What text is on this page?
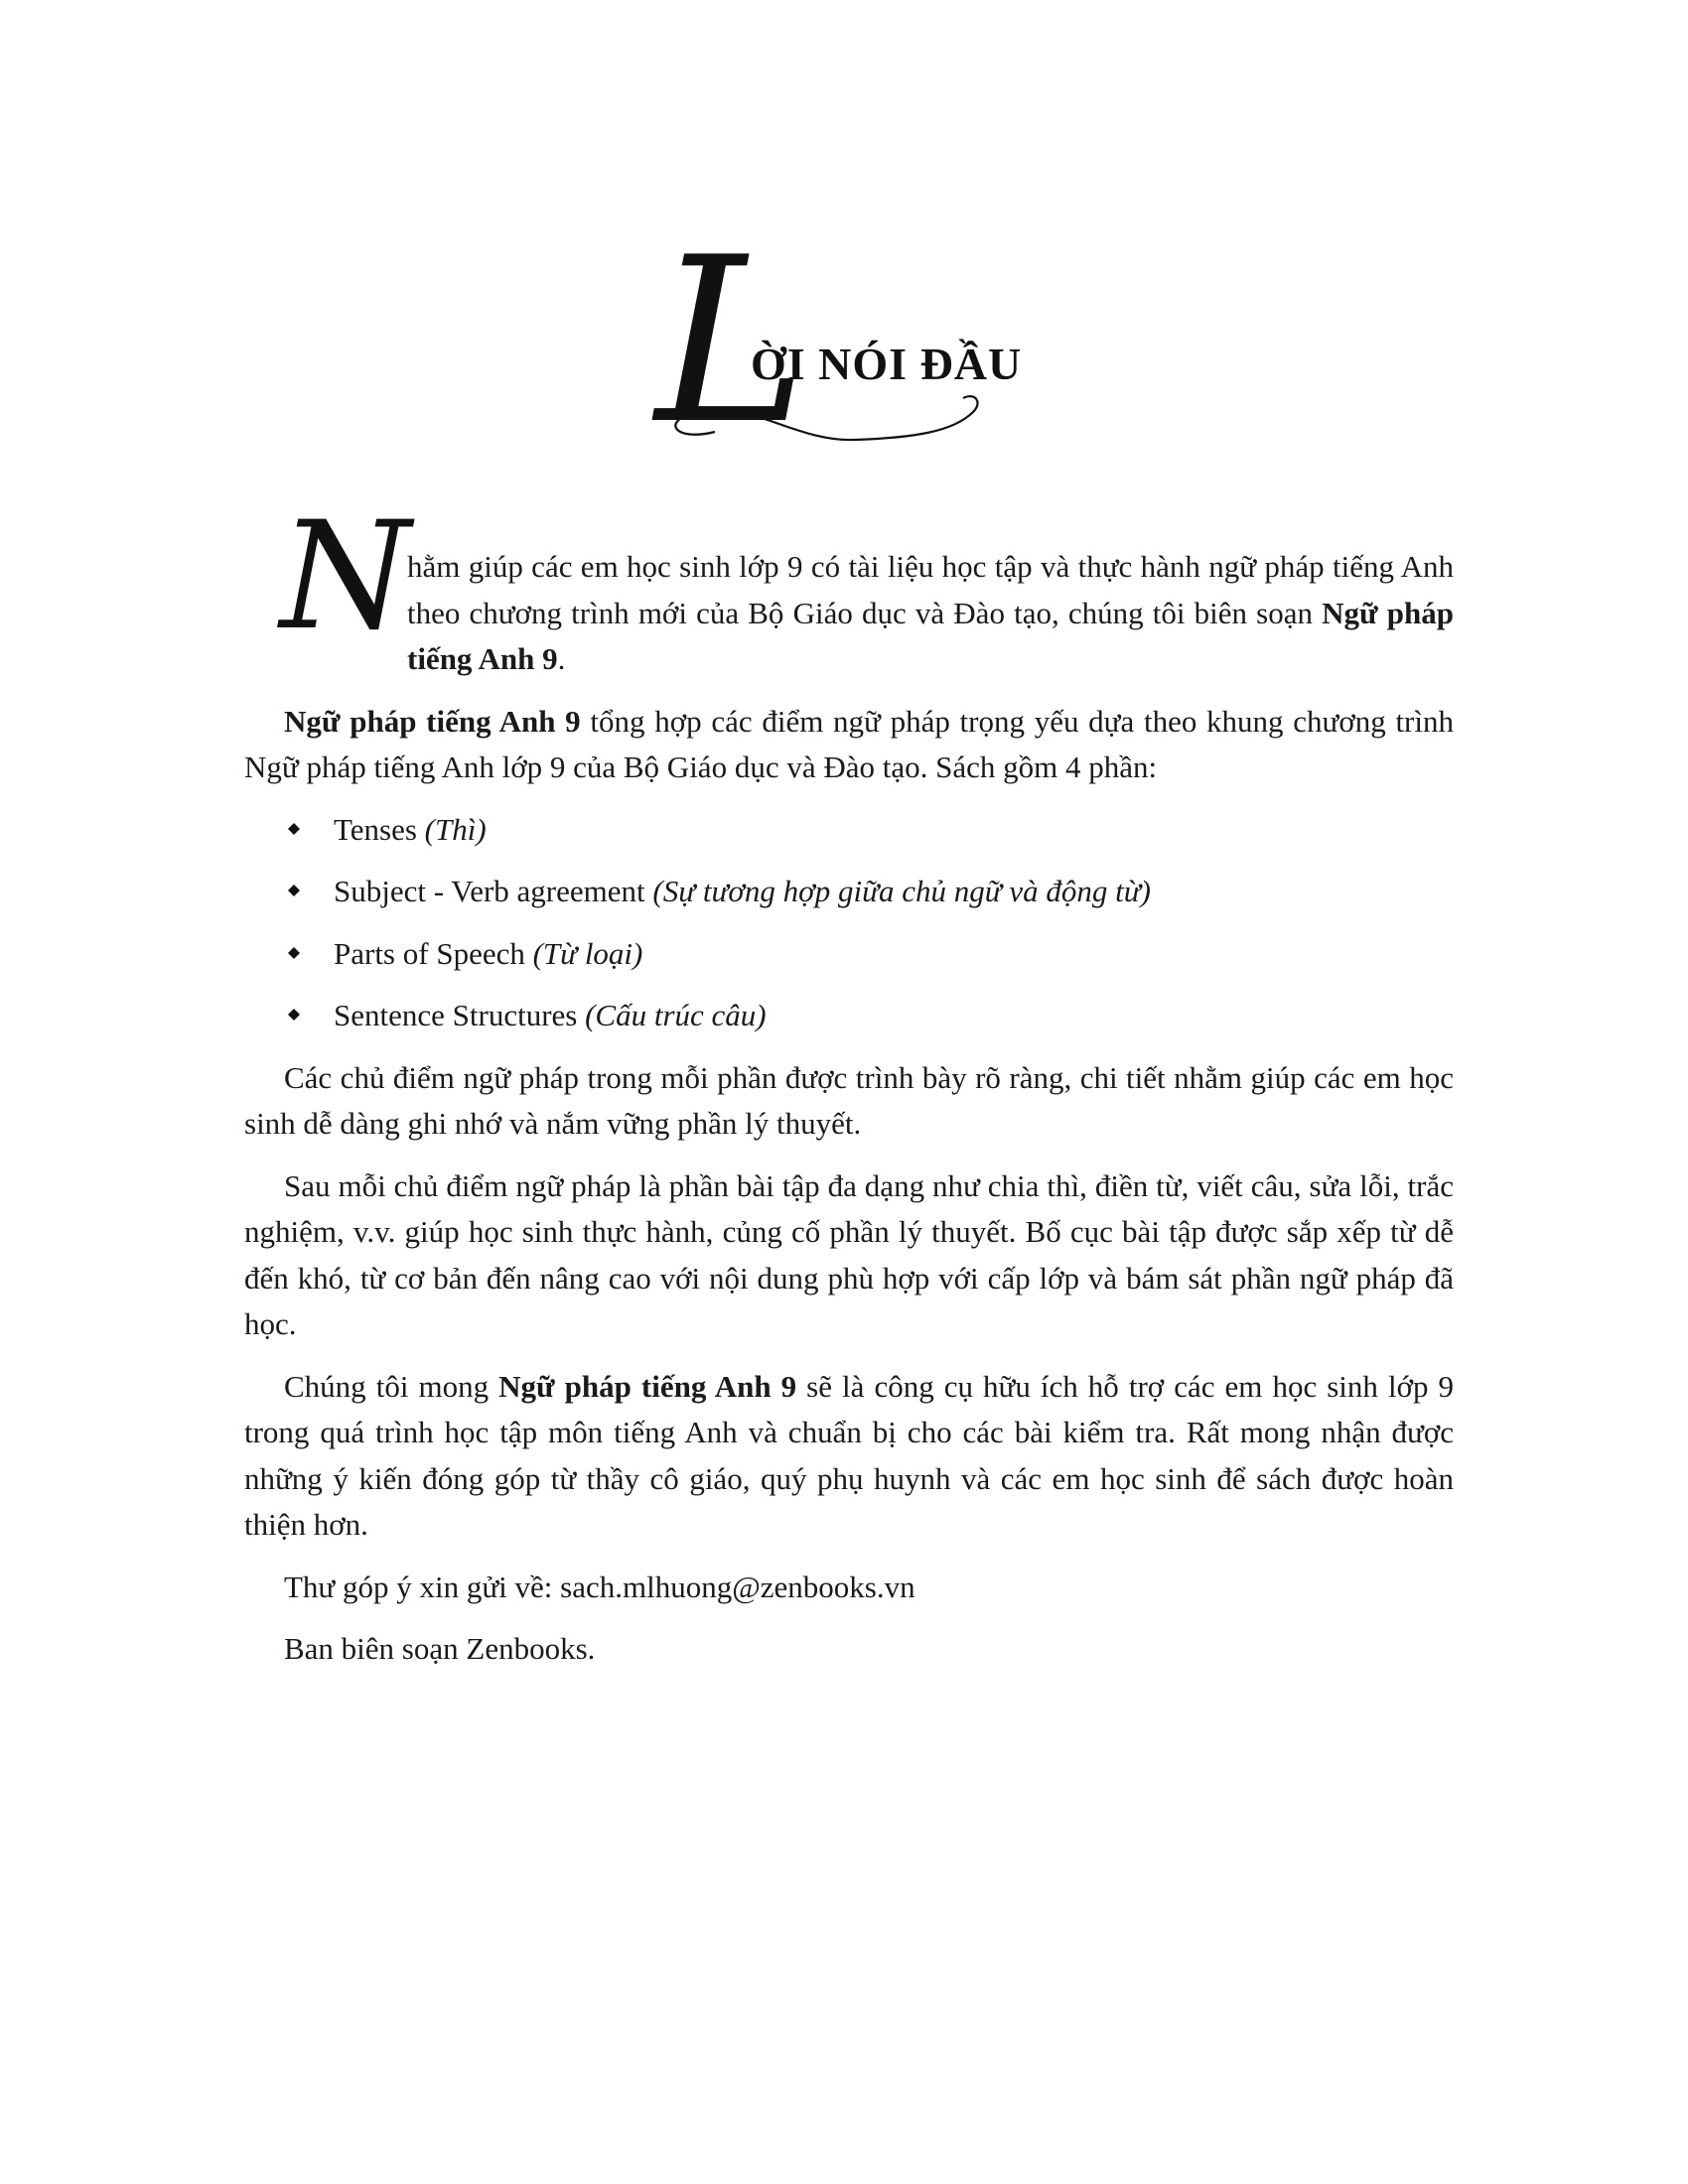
L
ỜI NÓI ĐẦU

N
hằm giúp các em học sinh lớp 9 có tài liệu học tập và thực hành ngữ pháp tiếng Anh theo chương trình mới của Bộ Giáo dục và Đào tạo, chúng tôi biên soạn Ngữ pháp tiếng Anh 9.

Ngữ pháp tiếng Anh 9 tổng hợp các điểm ngữ pháp trọng yếu dựa theo khung chương trình Ngữ pháp tiếng Anh lớp 9 của Bộ Giáo dục và Đào tạo. Sách gồm 4 phần:

Tenses (Thì)
Subject - Verb agreement (Sự tương hợp giữa chủ ngữ và động từ)
Parts of Speech (Từ loại)
Sentence Structures (Cấu trúc câu)

Các chủ điểm ngữ pháp trong mỗi phần được trình bày rõ ràng, chi tiết nhằm giúp các em học sinh dễ dàng ghi nhớ và nắm vững phần lý thuyết.

Sau mỗi chủ điểm ngữ pháp là phần bài tập đa dạng như chia thì, điền từ, viết câu, sửa lỗi, trắc nghiệm, v.v. giúp học sinh thực hành, củng cố phần lý thuyết. Bố cục bài tập được sắp xếp từ dễ đến khó, từ cơ bản đến nâng cao với nội dung phù hợp với cấp lớp và bám sát phần ngữ pháp đã học.

Chúng tôi mong Ngữ pháp tiếng Anh 9 sẽ là công cụ hữu ích hỗ trợ các em học sinh lớp 9 trong quá trình học tập môn tiếng Anh và chuẩn bị cho các bài kiểm tra. Rất mong nhận được những ý kiến đóng góp từ thầy cô giáo, quý phụ huynh và các em học sinh để sách được hoàn thiện hơn.

Thư góp ý xin gửi về: sach.mlhuong@zenbooks.vn

Ban biên soạn Zenbooks.
